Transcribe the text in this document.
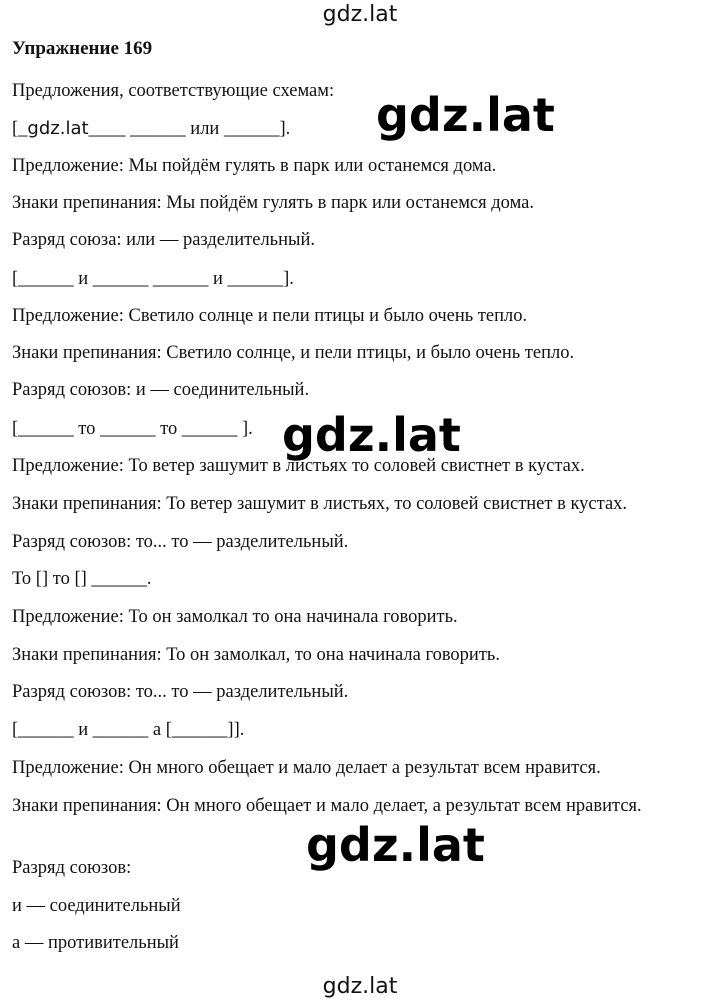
gdz.lat
Упражнение 169
Предложения, соответствующие схемам:
[_gdz.lat____ ______ или ______].
Предложение: Мы пойдём гулять в парк или останемся дома.
Знаки препинания: Мы пойдём гулять в парк или останемся дома.
Разряд союза: или — разделительный.
[______ и ______ ______ и ______].
Предложение: Светило солнце и пели птицы и было очень тепло.
Знаки препинания: Светило солнце, и пели птицы, и было очень тепло.
Разряд союзов: и — соединительный.
[______ то ______ то ______ ].
Предложение: То ветер зашумит в листьях то соловей свистнет в кустах.
Знаки препинания: То ветер зашумит в листьях, то соловей свистнет в кустах.
Разряд союзов: то... то — разделительный.
То [] то [] ______.
Предложение: То он замолкал то она начинала говорить.
Знаки препинания: То он замолкал, то она начинала говорить.
Разряд союзов: то... то — разделительный.
[______ и ______ а [______]].
Предложение: Он много обещает и мало делает а результат всем нравится.
Знаки препинания: Он много обещает и мало делает, а результат всем нравится.
Разряд союзов:
и — соединительный
а — противительный
gdz.lat
gdz.lat
gdz.lat
gdz.lat
